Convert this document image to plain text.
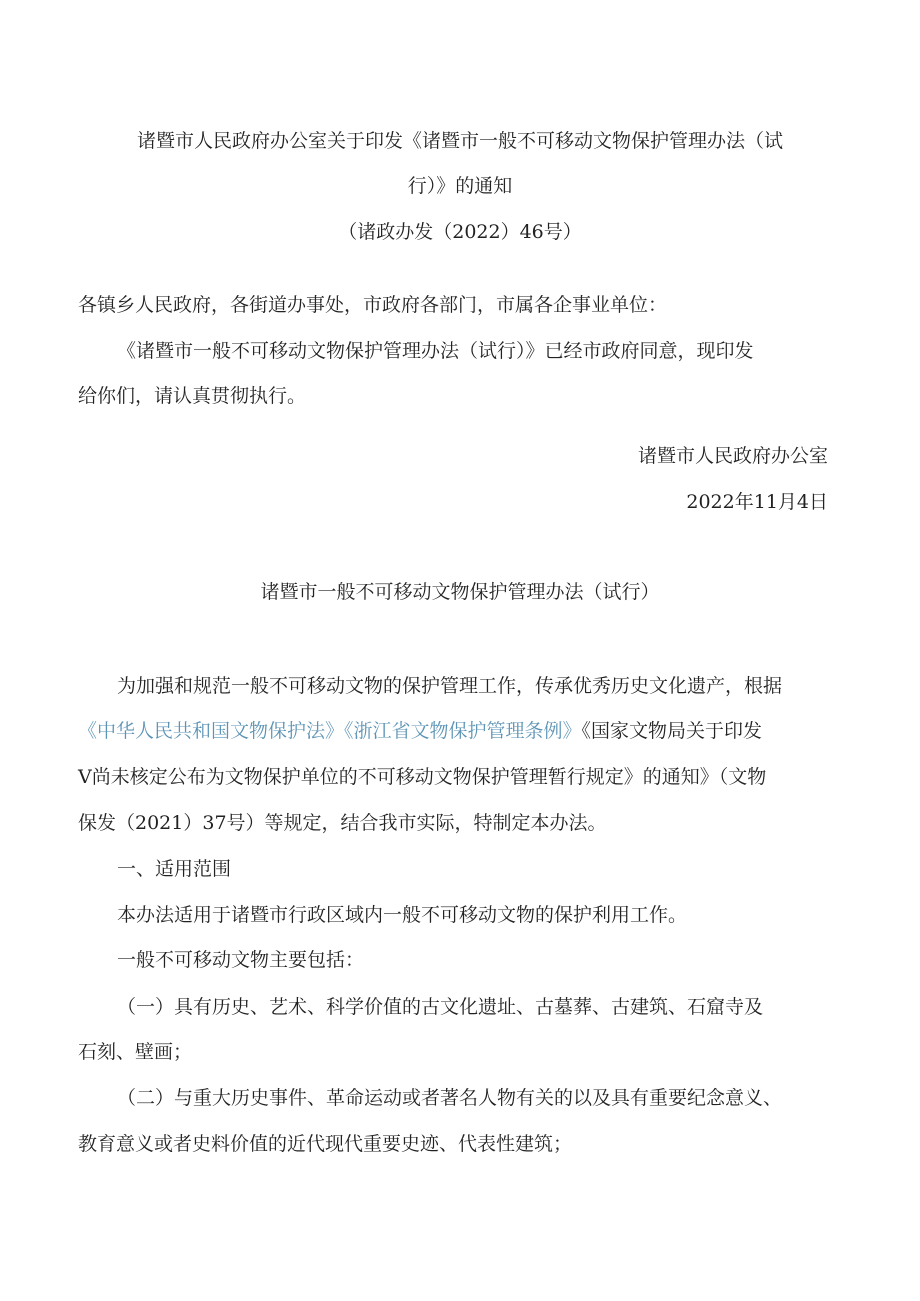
诸暨市人民政府办公室关于印发《诸暨市一般不可移动文物保护管理办法（试
行）》的通知
（诸政办发（2022）46号）
各镇乡人民政府，各街道办事处，市政府各部门，市属各企事业单位：
《诸暨市一般不可移动文物保护管理办法（试行）》已经市政府同意，现印发
给你们，请认真贯彻执行。
诸暨市人民政府办公室
2022年11月4日
诸暨市一般不可移动文物保护管理办法（试行）
为加强和规范一般不可移动文物的保护管理工作，传承优秀历史文化遗产，根据
《中华人民共和国文物保护法》《浙江省文物保护管理条例》《国家文物局关于印发
V尚未核定公布为文物保护单位的不可移动文物保护管理暂行规定》的通知》（文物
保发（2021）37号）等规定，结合我市实际，特制定本办法。
一、适用范围
本办法适用于诸暨市行政区域内一般不可移动文物的保护利用工作。
一般不可移动文物主要包括：
（一）具有历史、艺术、科学价值的古文化遗址、古墓葬、古建筑、石窟寺及
石刻、壁画；
（二）与重大历史事件、革命运动或者著名人物有关的以及具有重要纪念意义、
教育意义或者史料价值的近代现代重要史迹、代表性建筑；
